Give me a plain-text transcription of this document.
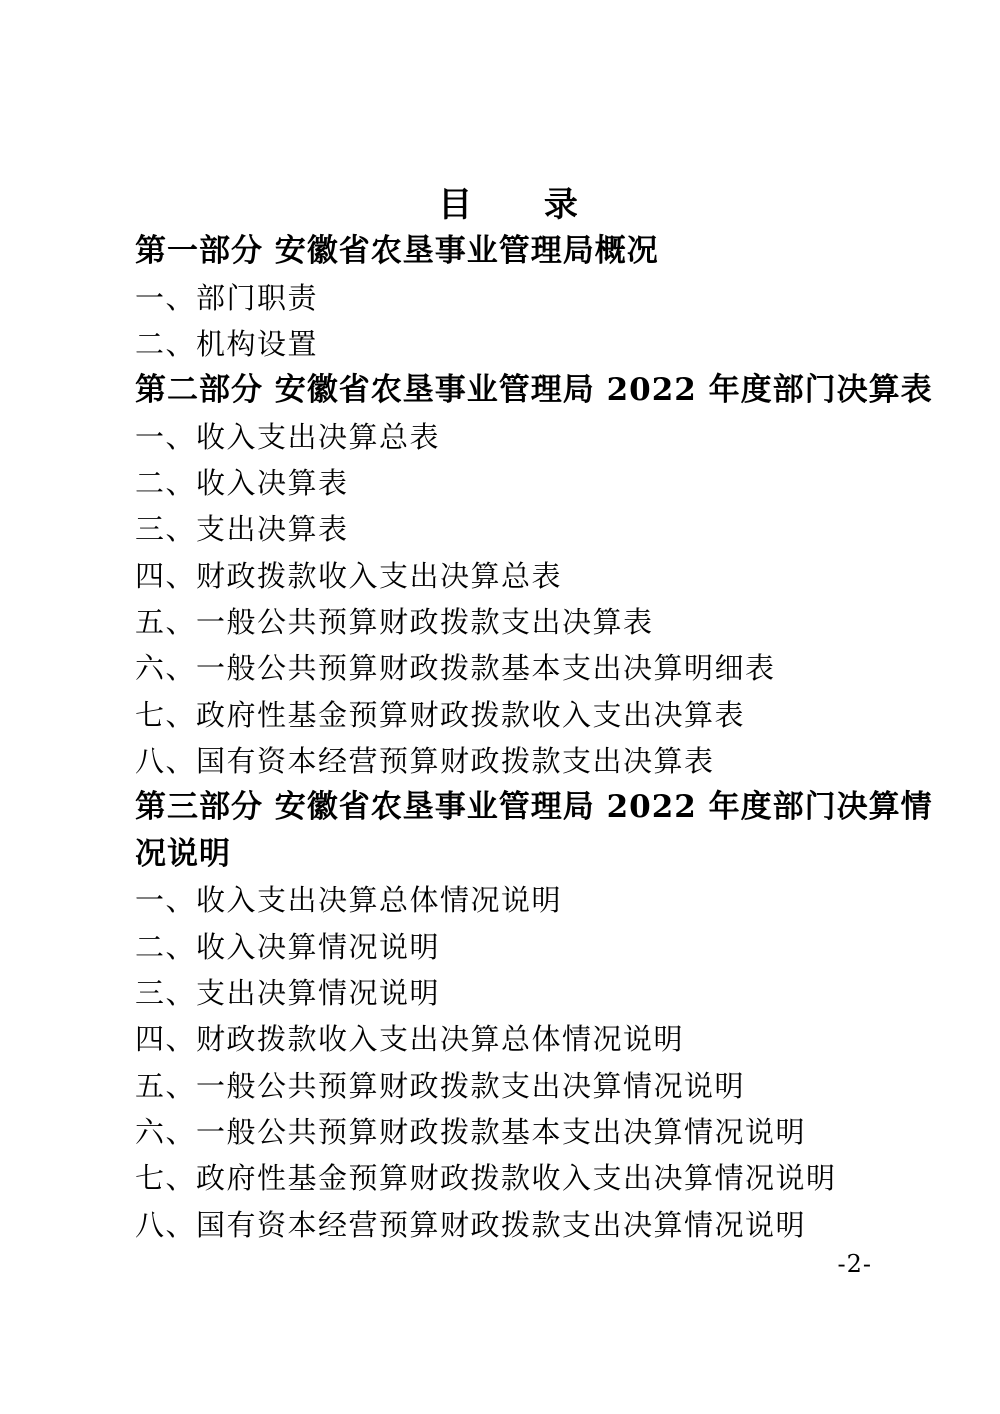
目 录
第一部分 安徽省农垦事业管理局概况
一、部门职责
二、机构设置
第二部分 安徽省农垦事业管理局 2022 年度部门决算表
一、收入支出决算总表
二、收入决算表
三、支出决算表
四、财政拨款收入支出决算总表
五、一般公共预算财政拨款支出决算表
六、一般公共预算财政拨款基本支出决算明细表
七、政府性基金预算财政拨款收入支出决算表
八、国有资本经营预算财政拨款支出决算表
第三部分 安徽省农垦事业管理局 2022 年度部门决算情
况说明
一、收入支出决算总体情况说明
二、收入决算情况说明
三、支出决算情况说明
四、财政拨款收入支出决算总体情况说明
五、一般公共预算财政拨款支出决算情况说明
六、一般公共预算财政拨款基本支出决算情况说明
七、政府性基金预算财政拨款收入支出决算情况说明
八、国有资本经营预算财政拨款支出决算情况说明
-2-
